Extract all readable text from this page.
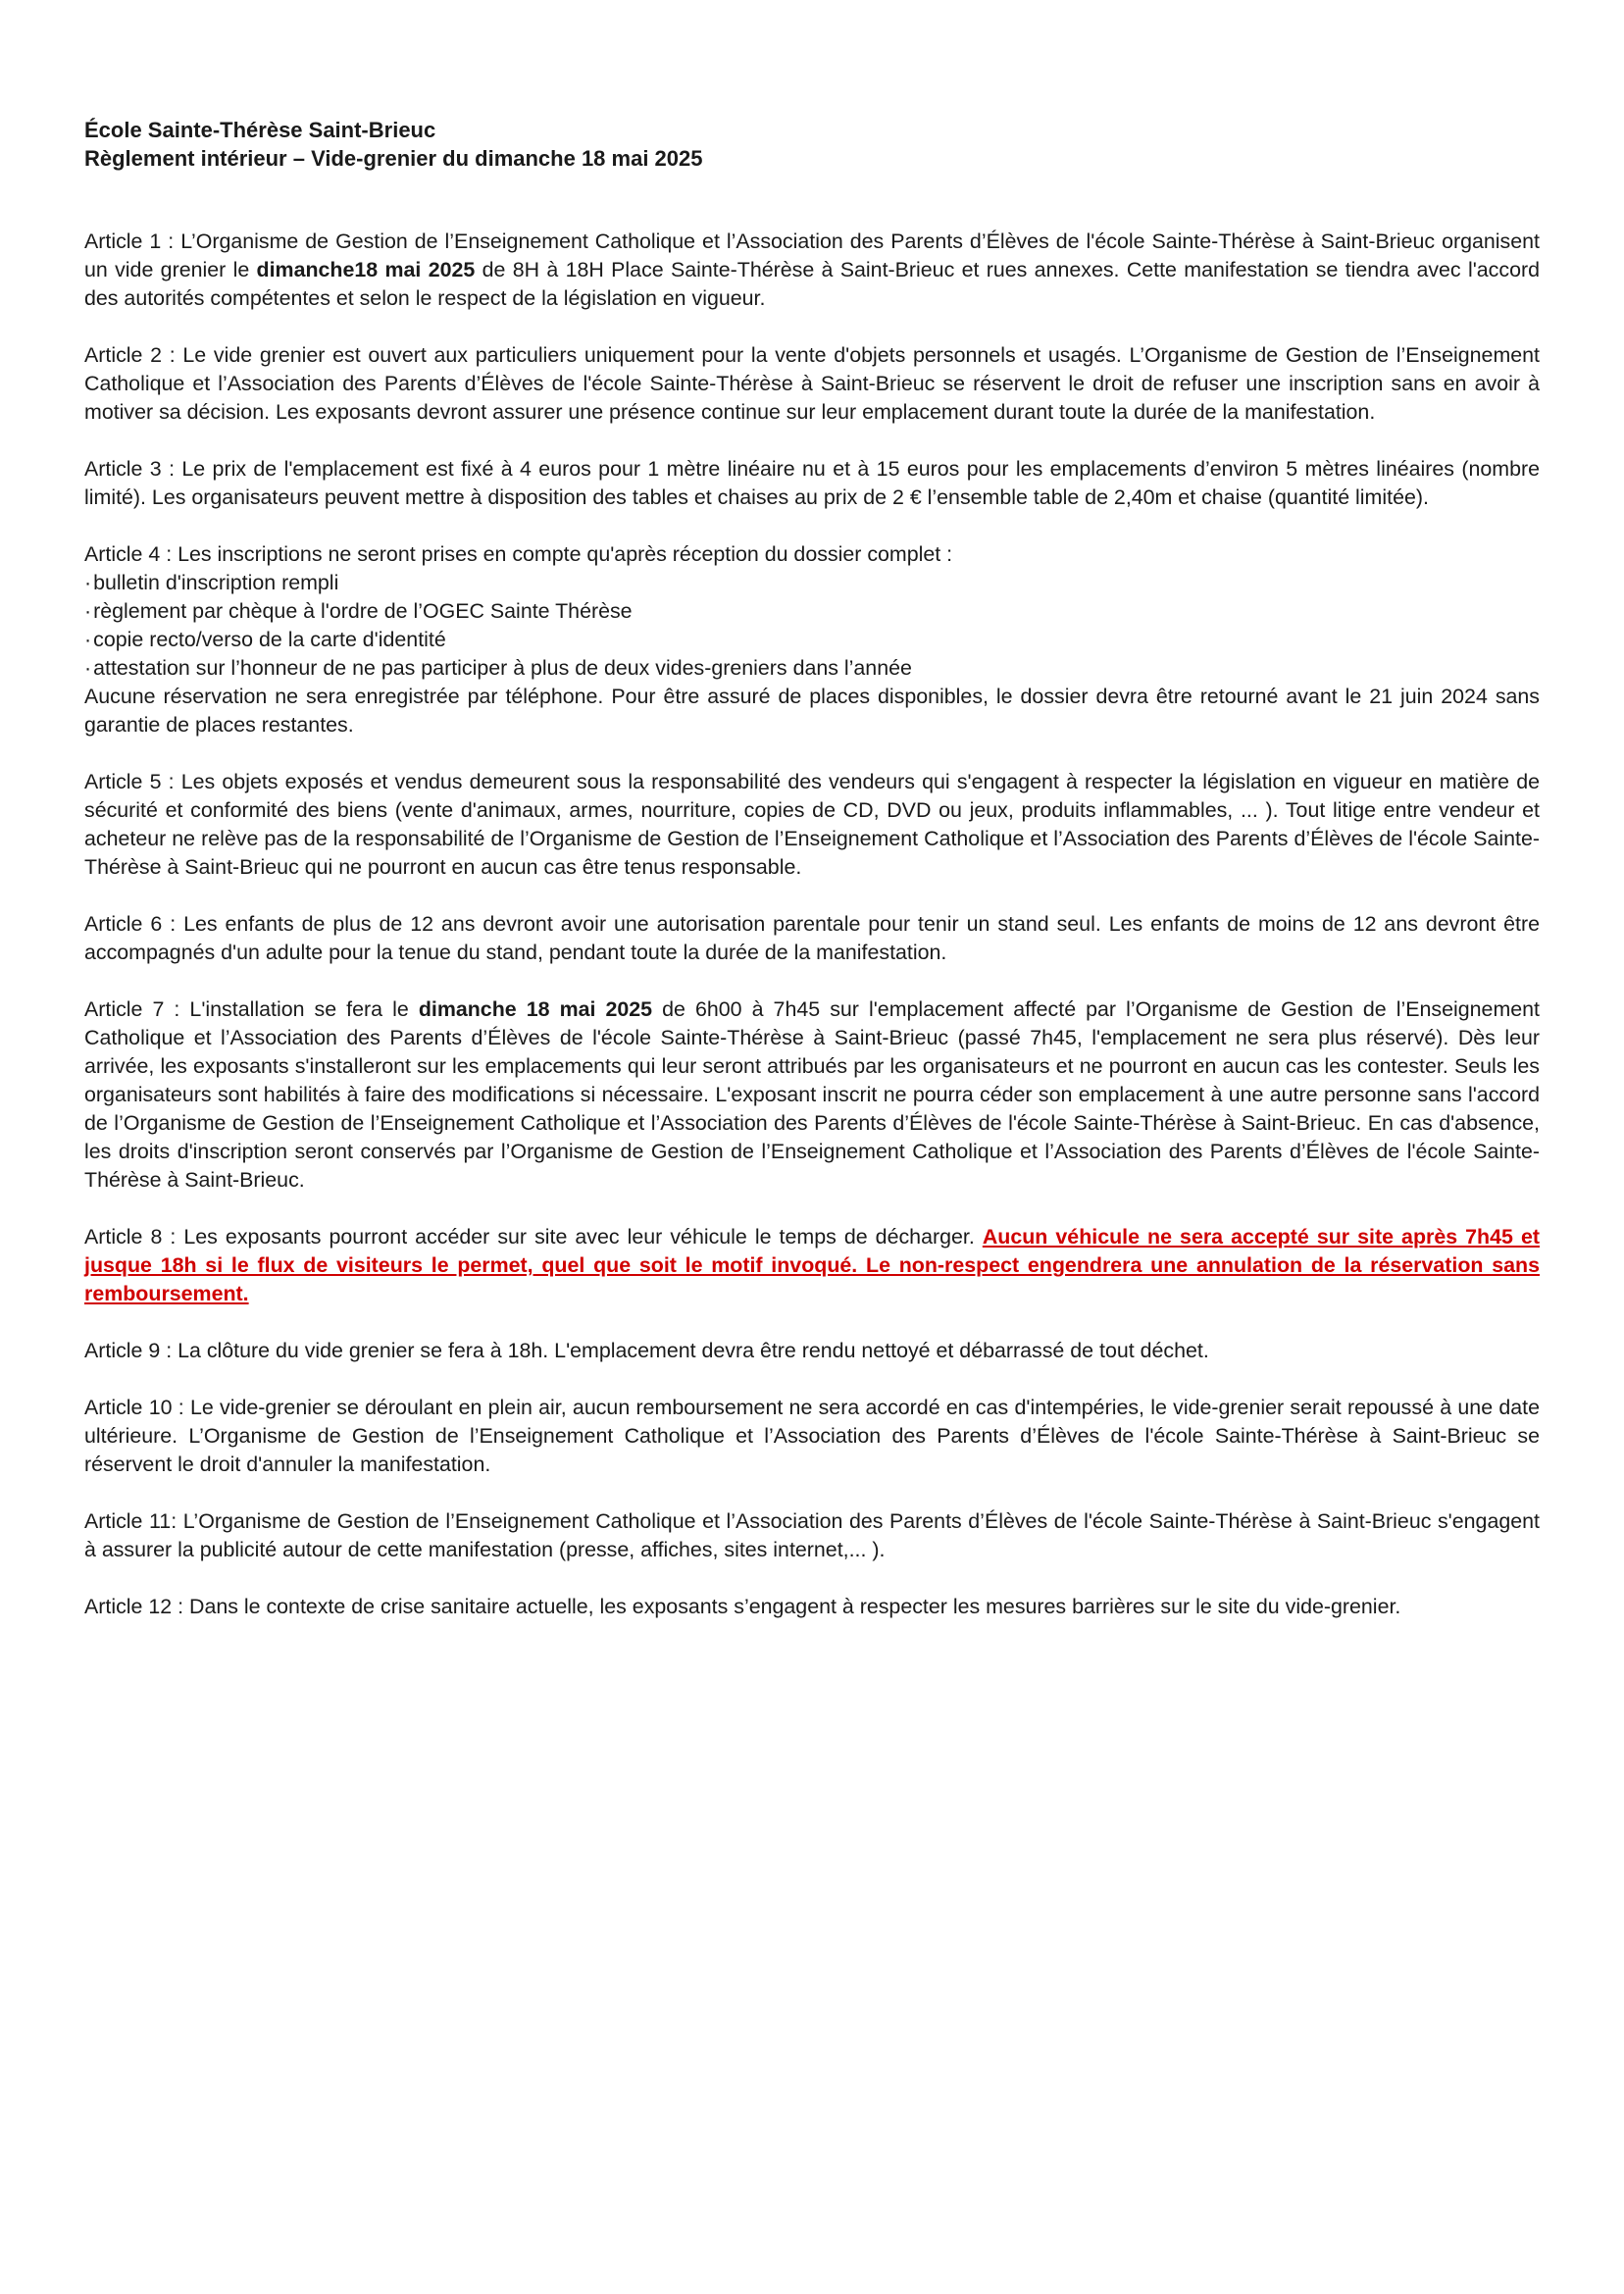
École Sainte-Thérèse Saint-Brieuc

Règlement intérieur – Vide-grenier du dimanche 18 mai 2025

Article 1 : L’Organisme de Gestion de l’Enseignement Catholique et l’Association des Parents d’Élèves de l'école Sainte-Thérèse à Saint-Brieuc organisent un vide grenier le dimanche18 mai 2025 de 8H à 18H Place Sainte-Thérèse à Saint-Brieuc et rues annexes. Cette manifestation se tiendra avec l'accord des autorités compétentes et selon le respect de la législation en vigueur.

Article 2 : Le vide grenier est ouvert aux particuliers uniquement pour la vente d'objets personnels et usagés. L’Organisme de Gestion de l’Enseignement Catholique et l’Association des Parents d’Élèves de l'école Sainte-Thérèse à Saint-Brieuc se réservent le droit de refuser une inscription sans en avoir à motiver sa décision. Les exposants devront assurer une présence continue sur leur emplacement durant toute la durée de la manifestation.

Article 3 : Le prix de l'emplacement est fixé à 4 euros pour 1 mètre linéaire nu et à 15 euros pour les emplacements d’environ 5 mètres linéaires (nombre limité). Les organisateurs peuvent mettre à disposition des tables et chaises au prix de 2 € l’ensemble table de 2,40m et chaise (quantité limitée).

Article 4 : Les inscriptions ne seront prises en compte qu'après réception du dossier complet :
· bulletin d'inscription rempli
· règlement par chèque à l'ordre de l’OGEC Sainte Thérèse
· copie recto/verso de la carte d'identité
· attestation sur l’honneur de ne pas participer à plus de deux vides-greniers dans l’année
Aucune réservation ne sera enregistrée par téléphone. Pour être assuré de places disponibles, le dossier devra être retourné avant le 21 juin 2024 sans garantie de places restantes.

Article 5 : Les objets exposés et vendus demeurent sous la responsabilité des vendeurs qui s'engagent à respecter la législation en vigueur en matière de sécurité et conformité des biens (vente d'animaux, armes, nourriture, copies de CD, DVD ou jeux, produits inflammables, ... ). Tout litige entre vendeur et acheteur ne relève pas de la responsabilité de l’Organisme de Gestion de l’Enseignement Catholique et l’Association des Parents d’Élèves de l'école Sainte-Thérèse à Saint-Brieuc qui ne pourront en aucun cas être tenus responsable.

Article 6 : Les enfants de plus de 12 ans devront avoir une autorisation parentale pour tenir un stand seul. Les enfants de moins de 12 ans devront être accompagnés d'un adulte pour la tenue du stand, pendant toute la durée de la manifestation.

Article 7 : L'installation se fera le dimanche 18 mai 2025 de 6h00 à 7h45 sur l'emplacement affecté par l’Organisme de Gestion de l’Enseignement Catholique et l’Association des Parents d’Élèves de l'école Sainte-Thérèse à Saint-Brieuc (passé 7h45, l'emplacement ne sera plus réservé). Dès leur arrivée, les exposants s'installeront sur les emplacements qui leur seront attribués par les organisateurs et ne pourront en aucun cas les contester. Seuls les organisateurs sont habilités à faire des modifications si nécessaire. L'exposant inscrit ne pourra céder son emplacement à une autre personne sans l'accord de l’Organisme de Gestion de l’Enseignement Catholique et l’Association des Parents d’Élèves de l'école Sainte-Thérèse à Saint-Brieuc. En cas d'absence, les droits d'inscription seront conservés par l’Organisme de Gestion de l’Enseignement Catholique et l’Association des Parents d’Élèves de l'école Sainte-Thérèse à Saint-Brieuc.

Article 8 : Les exposants pourront accéder sur site avec leur véhicule le temps de décharger. Aucun véhicule ne sera accepté sur site après 7h45 et jusque 18h si le flux de visiteurs le permet, quel que soit le motif invoqué. Le non-respect engendrera une annulation de la réservation sans remboursement.

Article 9 : La clôture du vide grenier se fera à 18h. L'emplacement devra être rendu nettoyé et débarrassé de tout déchet.

Article 10 : Le vide-grenier se déroulant en plein air, aucun remboursement ne sera accordé en cas d'intempéries, le vide-grenier serait repoussé à une date ultérieure. L’Organisme de Gestion de l’Enseignement Catholique et l’Association des Parents d’Élèves de l'école Sainte-Thérèse à Saint-Brieuc se réservent le droit d'annuler la manifestation.

Article 11: L’Organisme de Gestion de l’Enseignement Catholique et l’Association des Parents d’Élèves de l'école Sainte-Thérèse à Saint-Brieuc s'engagent à assurer la publicité autour de cette manifestation (presse, affiches, sites internet,... ).

Article 12 : Dans le contexte de crise sanitaire actuelle, les exposants s’engagent à respecter les mesures barrières sur le site du vide-grenier.
